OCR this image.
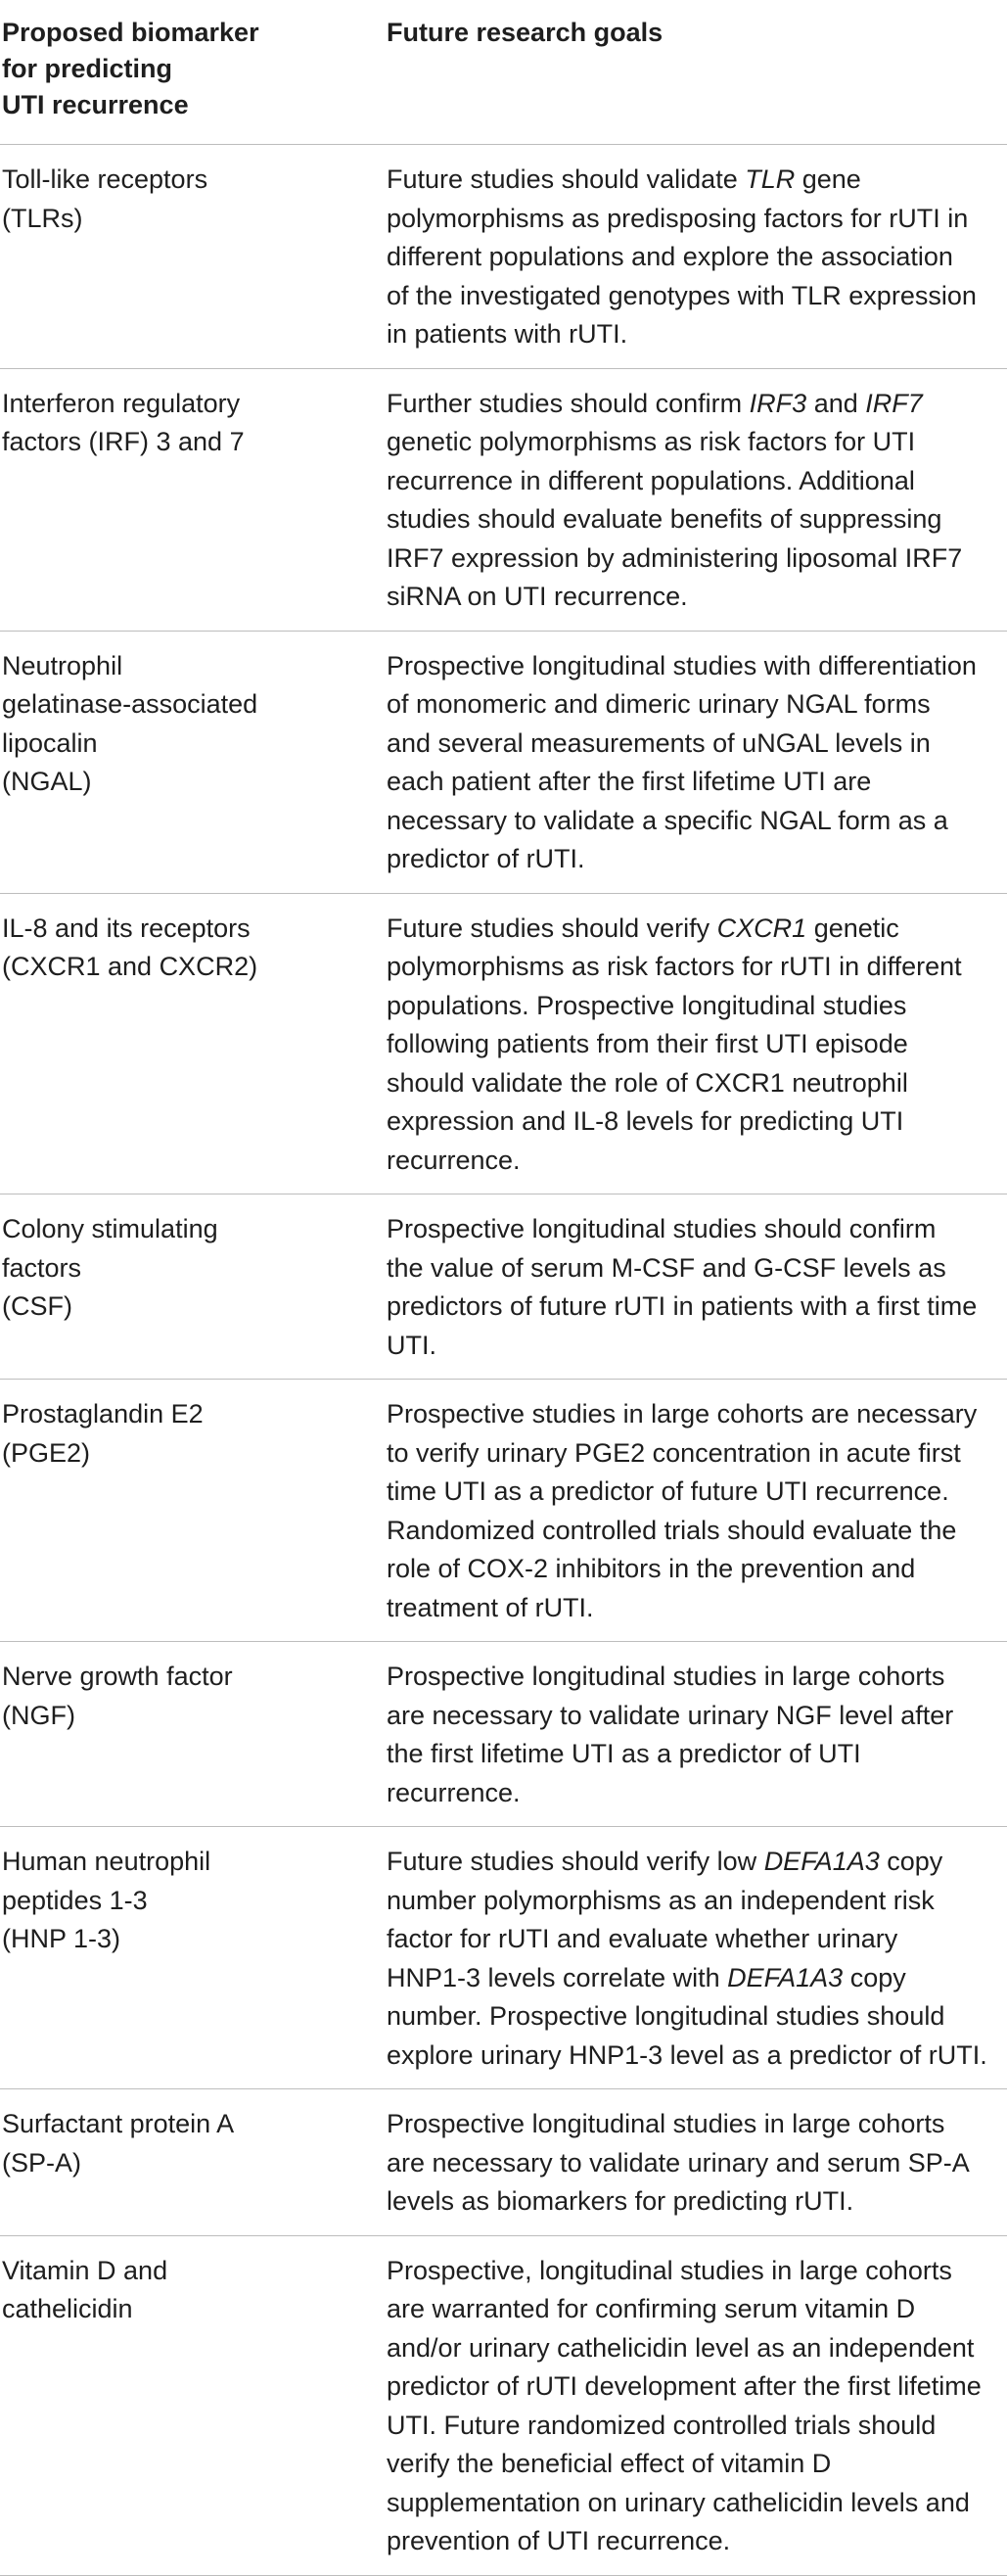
Proposed biomarker
for predicting
UTI recurrence
Future research goals
Toll-like receptors
(TLRs)
Future studies should validate TLR gene
polymorphisms as predisposing factors for rUTI in
different populations and explore the association
of the investigated genotypes with TLR expression
in patients with rUTI.
Interferon regulatory
factors (IRF) 3 and 7
Further studies should confirm IRF3 and IRF7
genetic polymorphisms as risk factors for UTI
recurrence in different populations. Additional
studies should evaluate benefits of suppressing
IRF7 expression by administering liposomal IRF7
siRNA on UTI recurrence.
Neutrophil
gelatinase-associated
lipocalin
(NGAL)
Prospective longitudinal studies with differentiation
of monomeric and dimeric urinary NGAL forms
and several measurements of uNGAL levels in
each patient after the first lifetime UTI are
necessary to validate a specific NGAL form as a
predictor of rUTI.
IL-8 and its receptors
(CXCR1 and CXCR2)
Future studies should verify CXCR1 genetic
polymorphisms as risk factors for rUTI in different
populations. Prospective longitudinal studies
following patients from their first UTI episode
should validate the role of CXCR1 neutrophil
expression and IL-8 levels for predicting UTI
recurrence.
Colony stimulating
factors
(CSF)
Prospective longitudinal studies should confirm
the value of serum M-CSF and G-CSF levels as
predictors of future rUTI in patients with a first time
UTI.
Prostaglandin E2
(PGE2)
Prospective studies in large cohorts are necessary
to verify urinary PGE2 concentration in acute first
time UTI as a predictor of future UTI recurrence.
Randomized controlled trials should evaluate the
role of COX-2 inhibitors in the prevention and
treatment of rUTI.
Nerve growth factor
(NGF)
Prospective longitudinal studies in large cohorts
are necessary to validate urinary NGF level after
the first lifetime UTI as a predictor of UTI
recurrence.
Human neutrophil
peptides 1-3
(HNP 1-3)
Future studies should verify low DEFA1A3 copy
number polymorphisms as an independent risk
factor for rUTI and evaluate whether urinary
HNP1-3 levels correlate with DEFA1A3 copy
number. Prospective longitudinal studies should
explore urinary HNP1-3 level as a predictor of rUTI.
Surfactant protein A
(SP-A)
Prospective longitudinal studies in large cohorts
are necessary to validate urinary and serum SP-A
levels as biomarkers for predicting rUTI.
Vitamin D and
cathelicidin
Prospective, longitudinal studies in large cohorts
are warranted for confirming serum vitamin D
and/or urinary cathelicidin level as an independent
predictor of rUTI development after the first lifetime
UTI. Future randomized controlled trials should
verify the beneficial effect of vitamin D
supplementation on urinary cathelicidin levels and
prevention of UTI recurrence.
